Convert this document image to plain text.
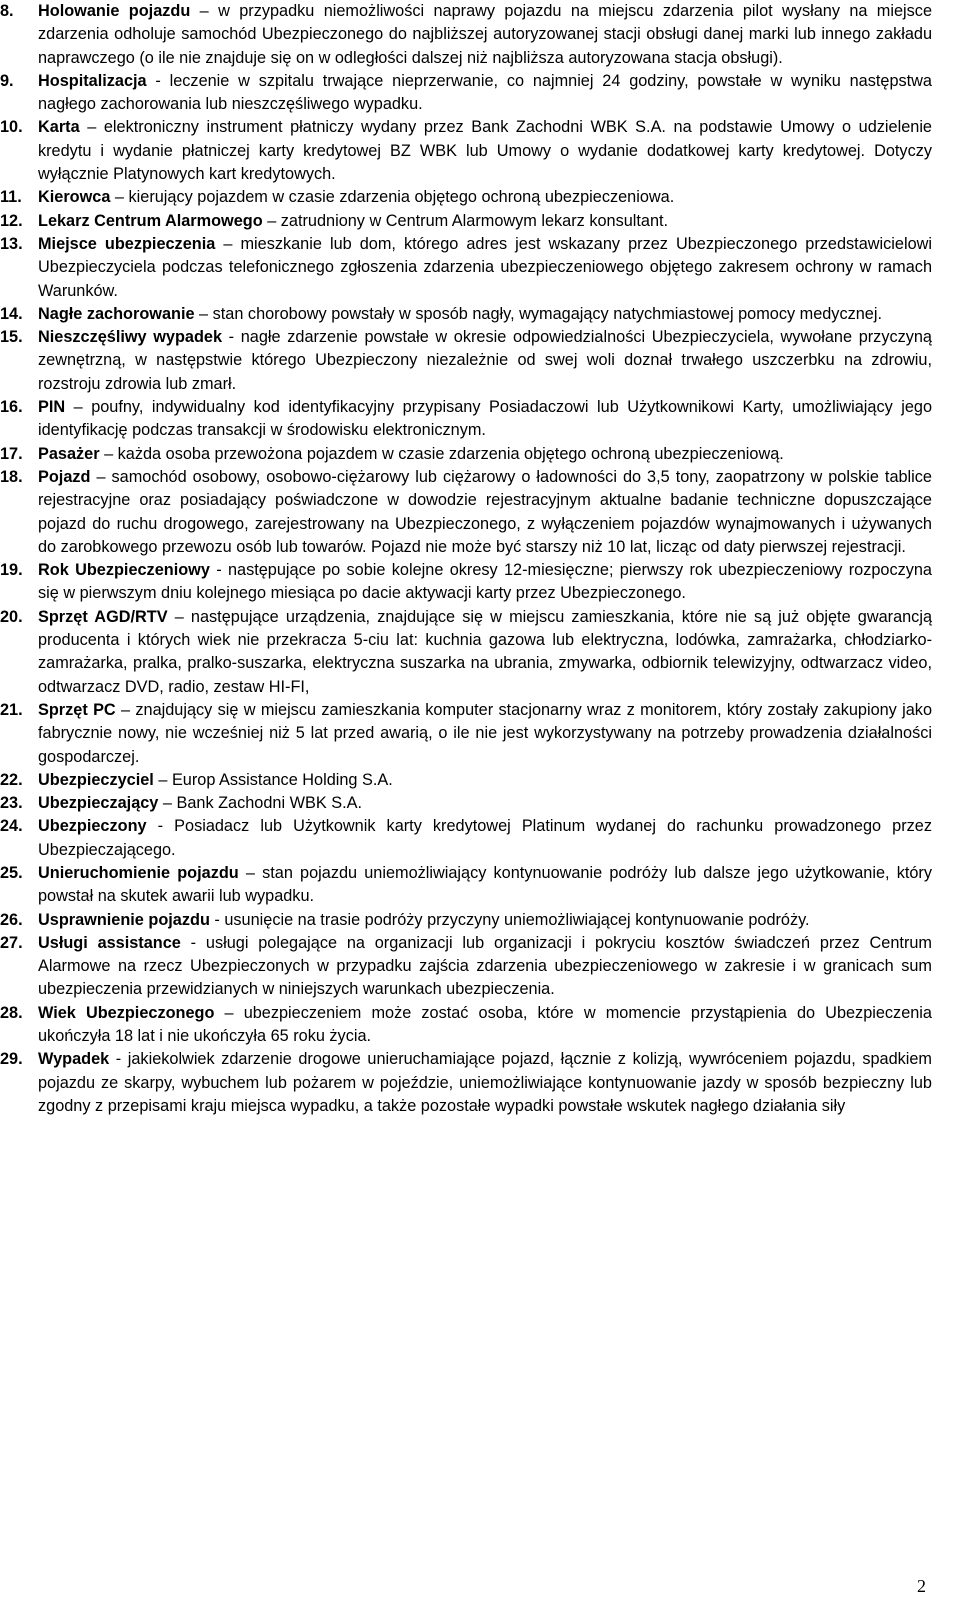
8. Holowanie pojazdu – w przypadku niemożliwości naprawy pojazdu na miejscu zdarzenia pilot wysłany na miejsce zdarzenia odholuje samochód Ubezpieczonego do najbliższej autoryzowanej stacji obsługi danej marki lub innego zakładu naprawczego (o ile nie znajduje się on w odległości dalszej niż najbliższa autoryzowana stacja obsługi).
9. Hospitalizacja - leczenie w szpitalu trwające nieprzerwanie, co najmniej 24 godziny, powstałe w wyniku następstwa nagłego zachorowania lub nieszczęśliwego wypadku.
10. Karta – elektroniczny instrument płatniczy wydany przez Bank Zachodni WBK S.A. na podstawie Umowy o udzielenie kredytu i wydanie płatniczej karty kredytowej BZ WBK lub Umowy o wydanie dodatkowej karty kredytowej. Dotyczy wyłącznie Platynowych kart kredytowych.
11. Kierowca – kierujący pojazdem w czasie zdarzenia objętego ochroną ubezpieczeniowa.
12. Lekarz Centrum Alarmowego – zatrudniony w Centrum Alarmowym lekarz konsultant.
13. Miejsce ubezpieczenia – mieszkanie lub dom, którego adres jest wskazany przez Ubezpieczonego przedstawicielowi Ubezpieczyciela podczas telefonicznego zgłoszenia zdarzenia ubezpieczeniowego objętego zakresem ochrony w ramach Warunków.
14. Nagłe zachorowanie – stan chorobowy powstały w sposób nagły, wymagający natychmiastowej pomocy medycznej.
15. Nieszczęśliwy wypadek - nagłe zdarzenie powstałe w okresie odpowiedzialności Ubezpieczyciela, wywołane przyczyną zewnętrzną, w następstwie którego Ubezpieczony niezależnie od swej woli doznał trwałego uszczerbku na zdrowiu, rozstroju zdrowia lub zmarł.
16. PIN – poufny, indywidualny kod identyfikacyjny przypisany Posiadaczowi lub Użytkownikowi Karty, umożliwiający jego identyfikację podczas transakcji w środowisku elektronicznym.
17. Pasażer – każda osoba przewożona pojazdem w czasie zdarzenia objętego ochroną ubezpieczeniową.
18. Pojazd – samochód osobowy, osobowo-ciężarowy lub ciężarowy o ładowności do 3,5 tony, zaopatrzony w polskie tablice rejestracyjne oraz posiadający poświadczone w dowodzie rejestracyjnym aktualne badanie techniczne dopuszczające pojazd do ruchu drogowego, zarejestrowany na Ubezpieczonego, z wyłączeniem pojazdów wynajmowanych i używanych do zarobkowego przewozu osób lub towarów. Pojazd nie może być starszy niż 10 lat, licząc od daty pierwszej rejestracji.
19. Rok Ubezpieczeniowy - następujące po sobie kolejne okresy 12-miesięczne; pierwszy rok ubezpieczeniowy rozpoczyna się w pierwszym dniu kolejnego miesiąca po dacie aktywacji karty przez Ubezpieczonego.
20. Sprzęt AGD/RTV – następujące urządzenia, znajdujące się w miejscu zamieszkania, które nie są już objęte gwarancją producenta i których wiek nie przekracza 5-ciu lat: kuchnia gazowa lub elektryczna, lodówka, zamrażarka, chłodziarko-zamrażarka, pralka, pralko-suszarka, elektryczna suszarka na ubrania, zmywarka, odbiornik telewizyjny, odtwarzacz video, odtwarzacz DVD, radio, zestaw HI-FI,
21. Sprzęt PC – znajdujący się w miejscu zamieszkania komputer stacjonarny wraz z monitorem, który zostały zakupiony jako fabrycznie nowy, nie wcześniej niż 5 lat przed awarią, o ile nie jest wykorzystywany na potrzeby prowadzenia działalności gospodarczej.
22. Ubezpieczyciel – Europ Assistance Holding S.A.
23. Ubezpieczający – Bank Zachodni WBK S.A.
24. Ubezpieczony - Posiadacz lub Użytkownik karty kredytowej Platinum wydanej do rachunku prowadzonego przez Ubezpieczającego.
25. Unieruchomienie pojazdu – stan pojazdu uniemożliwiający kontynuowanie podróży lub dalsze jego użytkowanie, który powstał na skutek awarii lub wypadku.
26. Usprawnienie pojazdu - usunięcie na trasie podróży przyczyny uniemożliwiającej kontynuowanie podróży.
27. Usługi assistance - usługi polegające na organizacji lub organizacji i pokryciu kosztów świadczeń przez Centrum Alarmowe na rzecz Ubezpieczonych w przypadku zajścia zdarzenia ubezpieczeniowego w zakresie i w granicach sum ubezpieczenia przewidzianych w niniejszych warunkach ubezpieczenia.
28. Wiek Ubezpieczonego – ubezpieczeniem może zostać osoba, które w momencie przystąpienia do Ubezpieczenia ukończyła 18 lat i nie ukończyła 65 roku życia.
29. Wypadek - jakiekolwiek zdarzenie drogowe unieruchamiające pojazd, łącznie z kolizją, wywróceniem pojazdu, spadkiem pojazdu ze skarpy, wybuchem lub pożarem w pojeździe, uniemożliwiające kontynuowanie jazdy w sposób bezpieczny lub zgodny z przepisami kraju miejsca wypadku, a także pozostałe wypadki powstałe wskutek nagłego działania siły
2
